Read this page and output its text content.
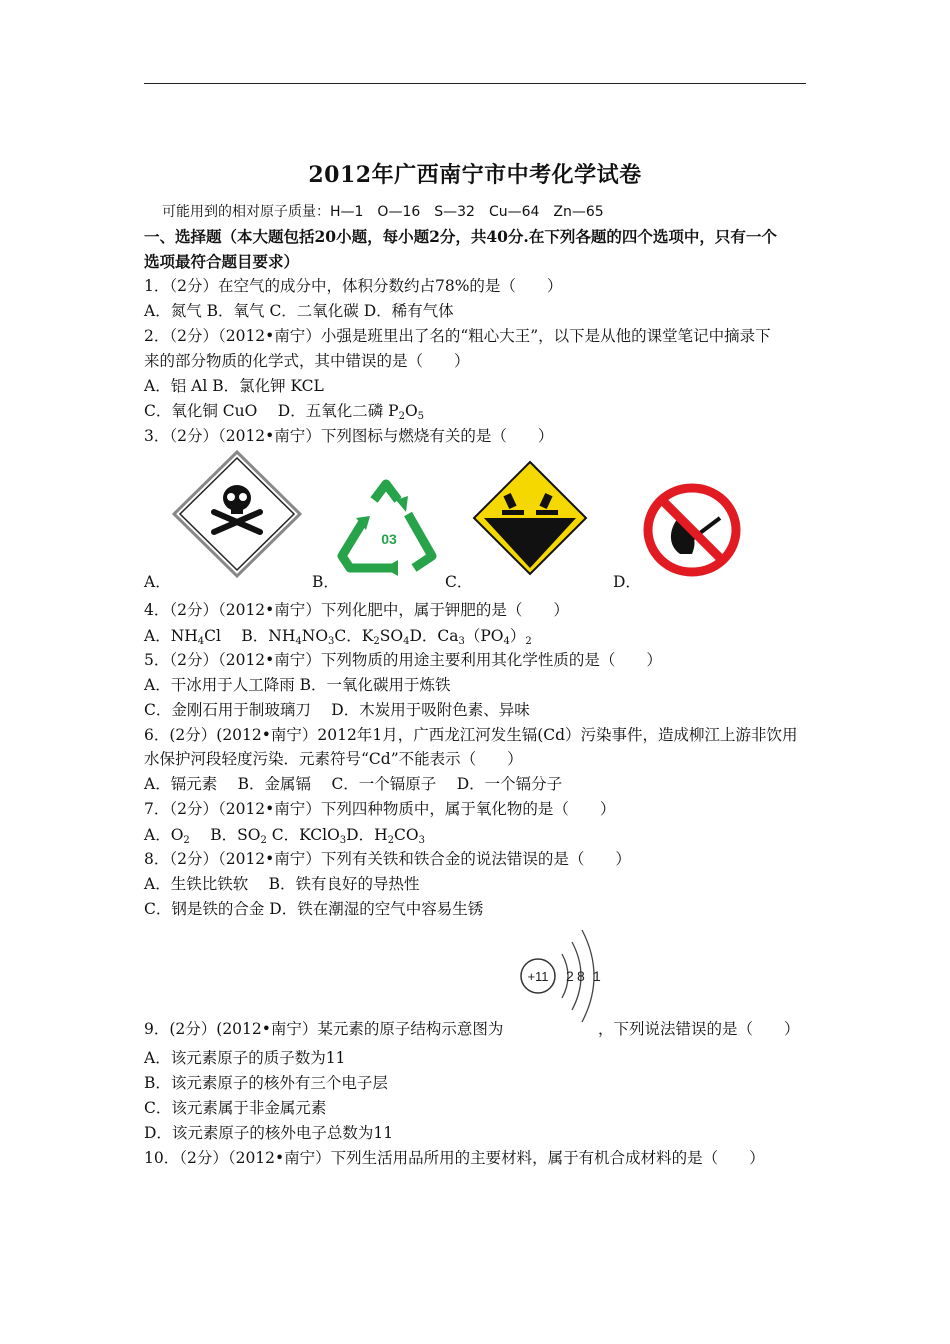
2012年广西南宁市中考化学试卷
可能用到的相对原子质量：H—1　O—16　S—32　Cu—64　Zn—65
一、选择题（本大题包括20小题，每小题2分，共40分.在下列各题的四个选项中，只有一个
选项最符合题目要求）
1．（2分）在空气的成分中，体积分数约占78%的是（　　）
A．氮气 B．氧气 C．二氧化碳 D．稀有气体
2．（2分）（2012•南宁）小强是班里出了名的“粗心大王”，以下是从他的课堂笔记中摘录下
来的部分物质的化学式，其中错误的是（　　）
A．铝 Al B．氯化钾 KCL
C．氧化铜 CuO　 D．五氧化二磷 $P_2O_5$
3．（2分）（2012•南宁）下列图标与燃烧有关的是（　　）
03
A．	B．	C．	D．
4．（2分）（2012•南宁）下列化肥中，属于钾肥的是（　　）
A．$NH_4Cl$　 B．$NH_4NO_3C$．$K_2SO_4D$．$Ca_3(PO_4)_2$
5．（2分）（2012•南宁）下列物质的用途主要利用其化学性质的是（　　）
A．干冰用于人工降雨 B．一氧化碳用于炼铁
C．金刚石用于制玻璃刀　 D．木炭用于吸附色素、异味
6．(2分）(2012•南宁）2012年1月，广西龙江河发生镉(Cd）污染事件，造成柳江上游非饮用
水保护河段轻度污染．元素符号“Cd”不能表示（　　）
A．镉元素　 B．金属镉　 C．一个镉原子　 D．一个镉分子
7．（2分）（2012•南宁）下列四种物质中，属于氧化物的是（　　）
A．$O_2$　 B．$SO_2$ C．KClO$_3$D．$H_2CO_3$
8．（2分）（2012•南宁）下列有关铁和铁合金的说法错误的是（　　）
A．生铁比铁软　 B．铁有良好的导热性
C．钢是铁的合金 D．铁在潮湿的空气中容易生锈
+11 2 8 1
9．(2分）(2012•南宁）某元素的原子结构示意图为	，下列说法错误的是（　　）
A．该元素原子的质子数为11
B．该元素原子的核外有三个电子层
C．该元素属于非金属元素
D．该元素原子的核外电子总数为11
10．（2分）（2012•南宁）下列生活用品所用的主要材料，属于有机合成材料的是（　　）
